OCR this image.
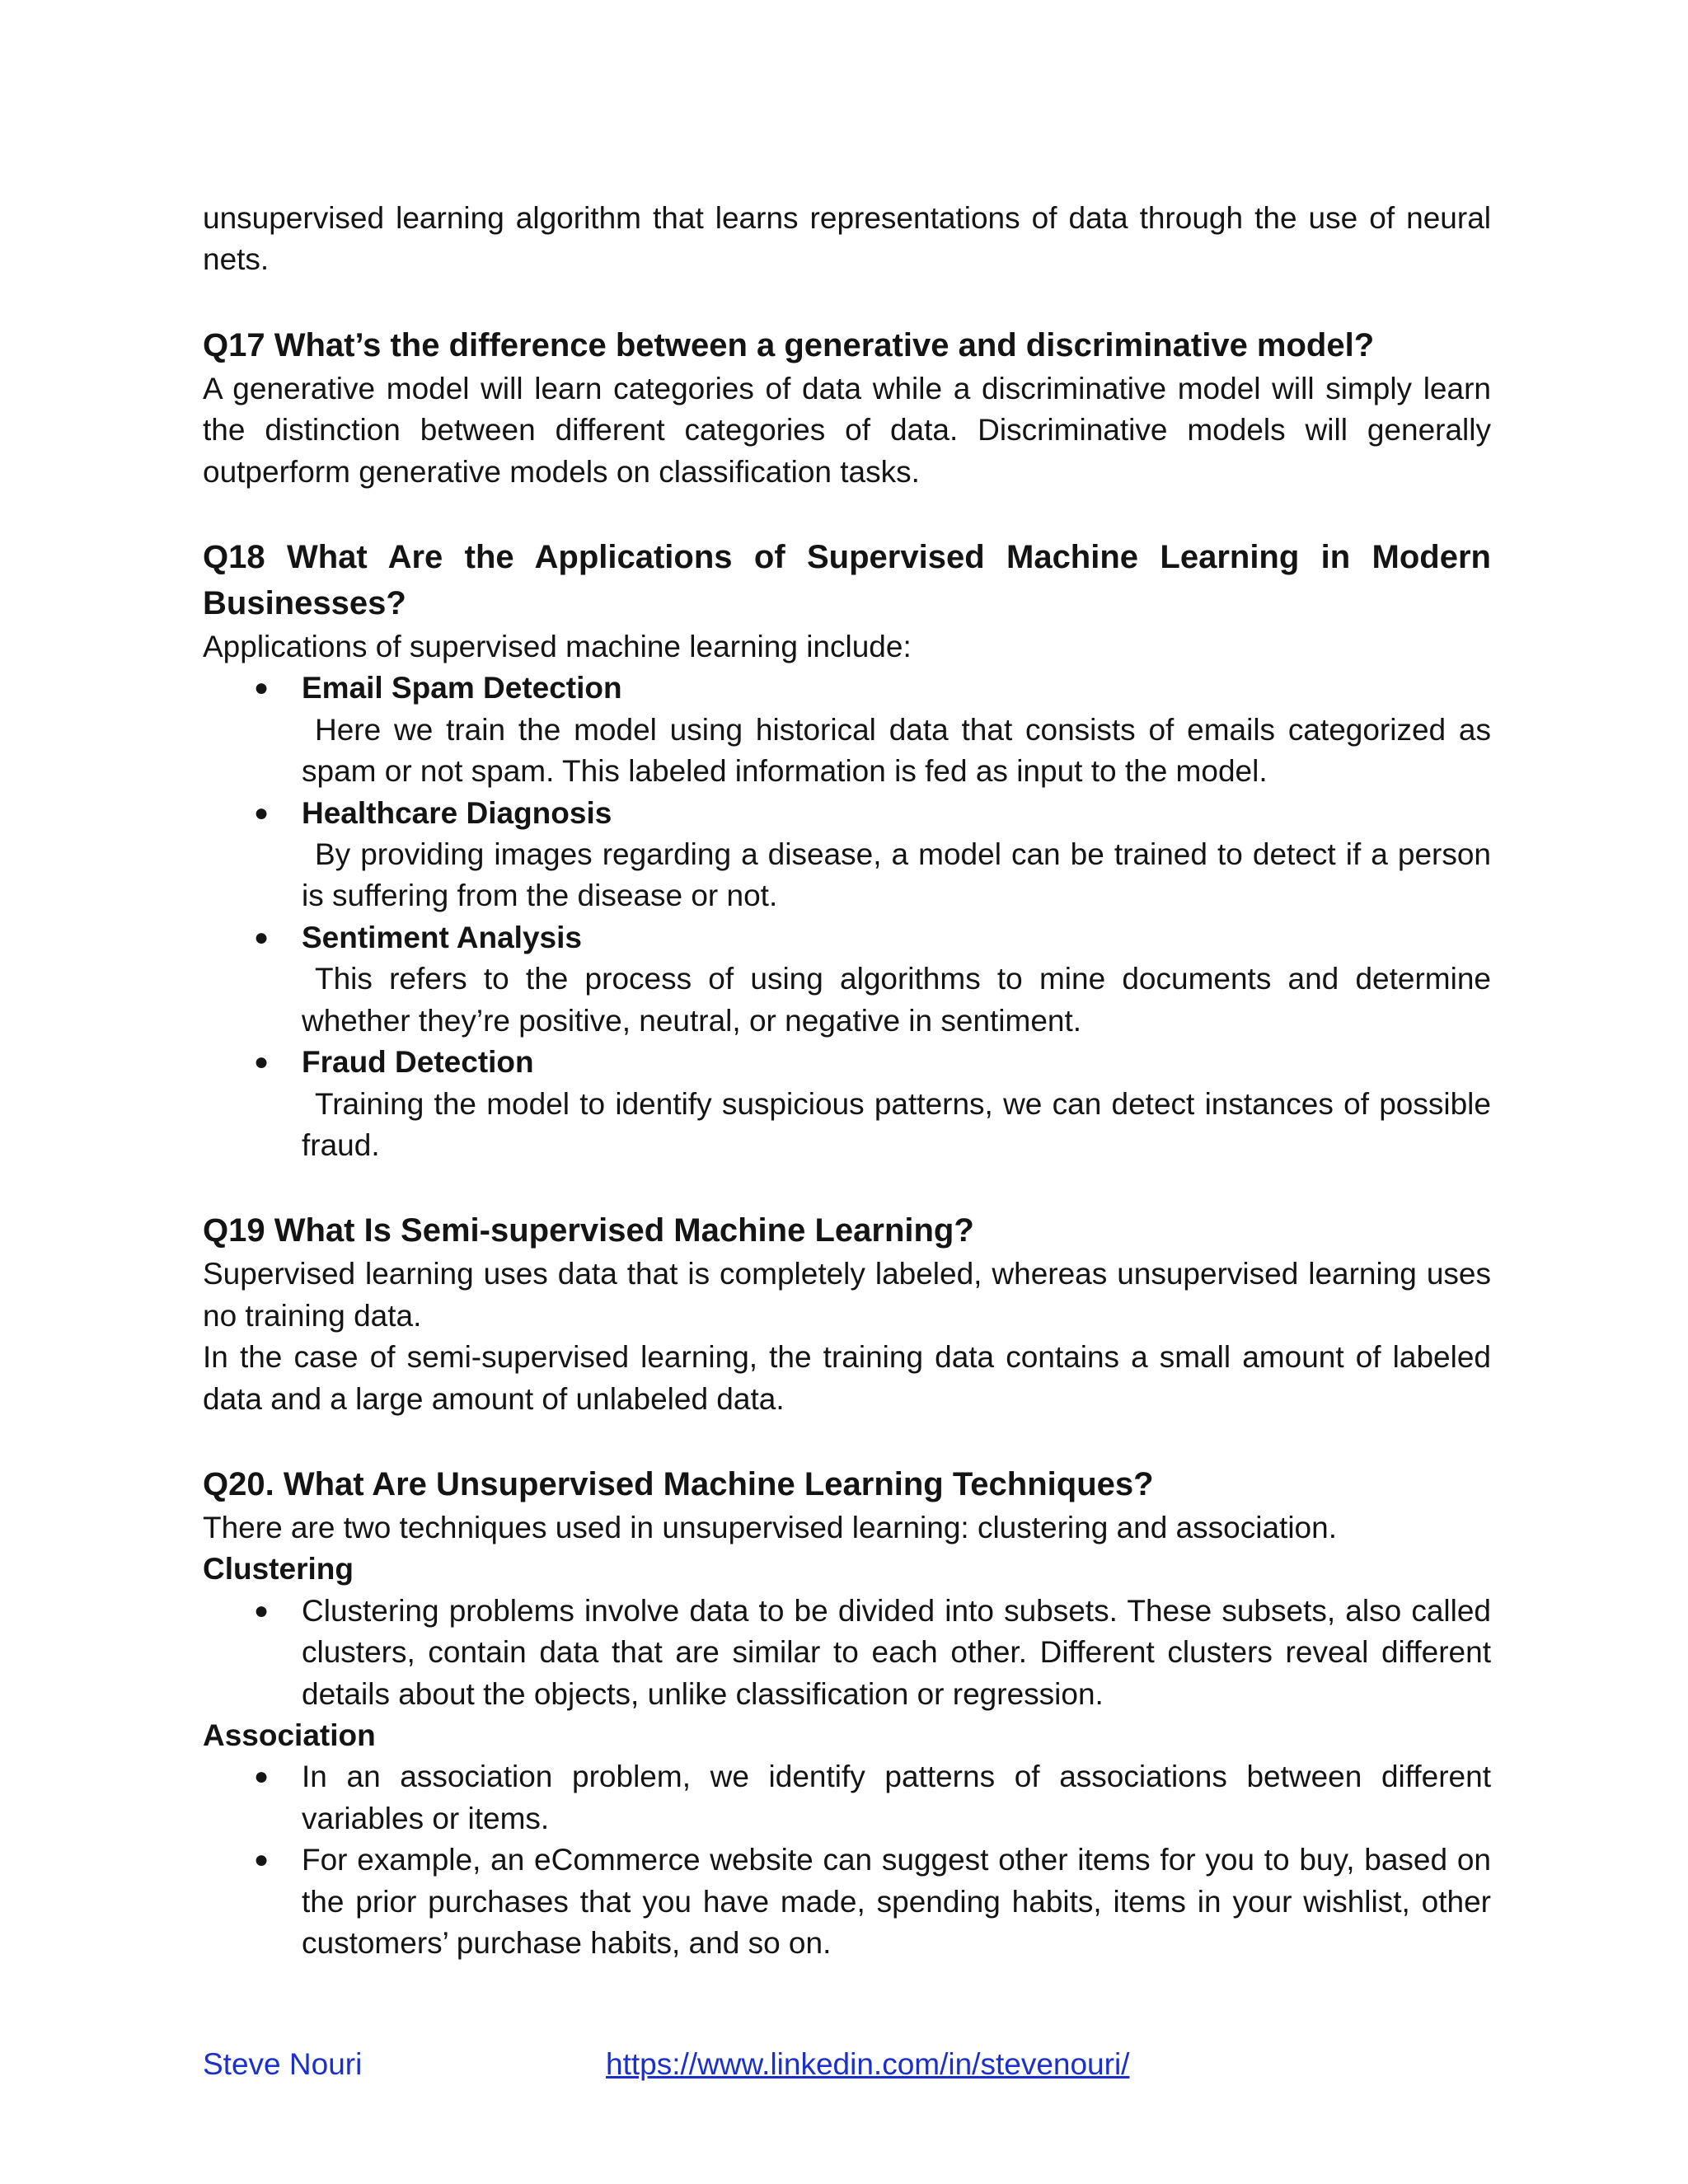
unsupervised learning algorithm that learns representations of data through the use of neural nets.

Q17 What’s the difference between a generative and discriminative model?

A generative model will learn categories of data while a discriminative model will simply learn the distinction between different categories of data. Discriminative models will generally outperform generative models on classification tasks.

Q18 What Are the Applications of Supervised Machine Learning in Modern Businesses?

Applications of supervised machine learning include:

● Email Spam Detection
Here we train the model using historical data that consists of emails categorized as spam or not spam. This labeled information is fed as input to the model.
● Healthcare Diagnosis
By providing images regarding a disease, a model can be trained to detect if a person is suffering from the disease or not.
● Sentiment Analysis
This refers to the process of using algorithms to mine documents and determine whether they’re positive, neutral, or negative in sentiment.
● Fraud Detection
Training the model to identify suspicious patterns, we can detect instances of possible fraud.
Q19 What Is Semi-supervised Machine Learning?

Supervised learning uses data that is completely labeled, whereas unsupervised learning uses no training data.

In the case of semi-supervised learning, the training data contains a small amount of labeled data and a large amount of unlabeled data.

Q20. What Are Unsupervised Machine Learning Techniques?

There are two techniques used in unsupervised learning: clustering and association.

Clustering
● Clustering problems involve data to be divided into subsets. These subsets, also called clusters, contain data that are similar to each other. Different clusters reveal different details about the objects, unlike classification or regression.

Association
● In an association problem, we identify patterns of associations between different variables or items.

● For example, an eCommerce website can suggest other items for you to buy, based on the prior purchases that you have made, spending habits, items in your wishlist, other customers’ purchase habits, and so on.

Steve Nouri	https://www.linkedin.com/in/stevenouri/
